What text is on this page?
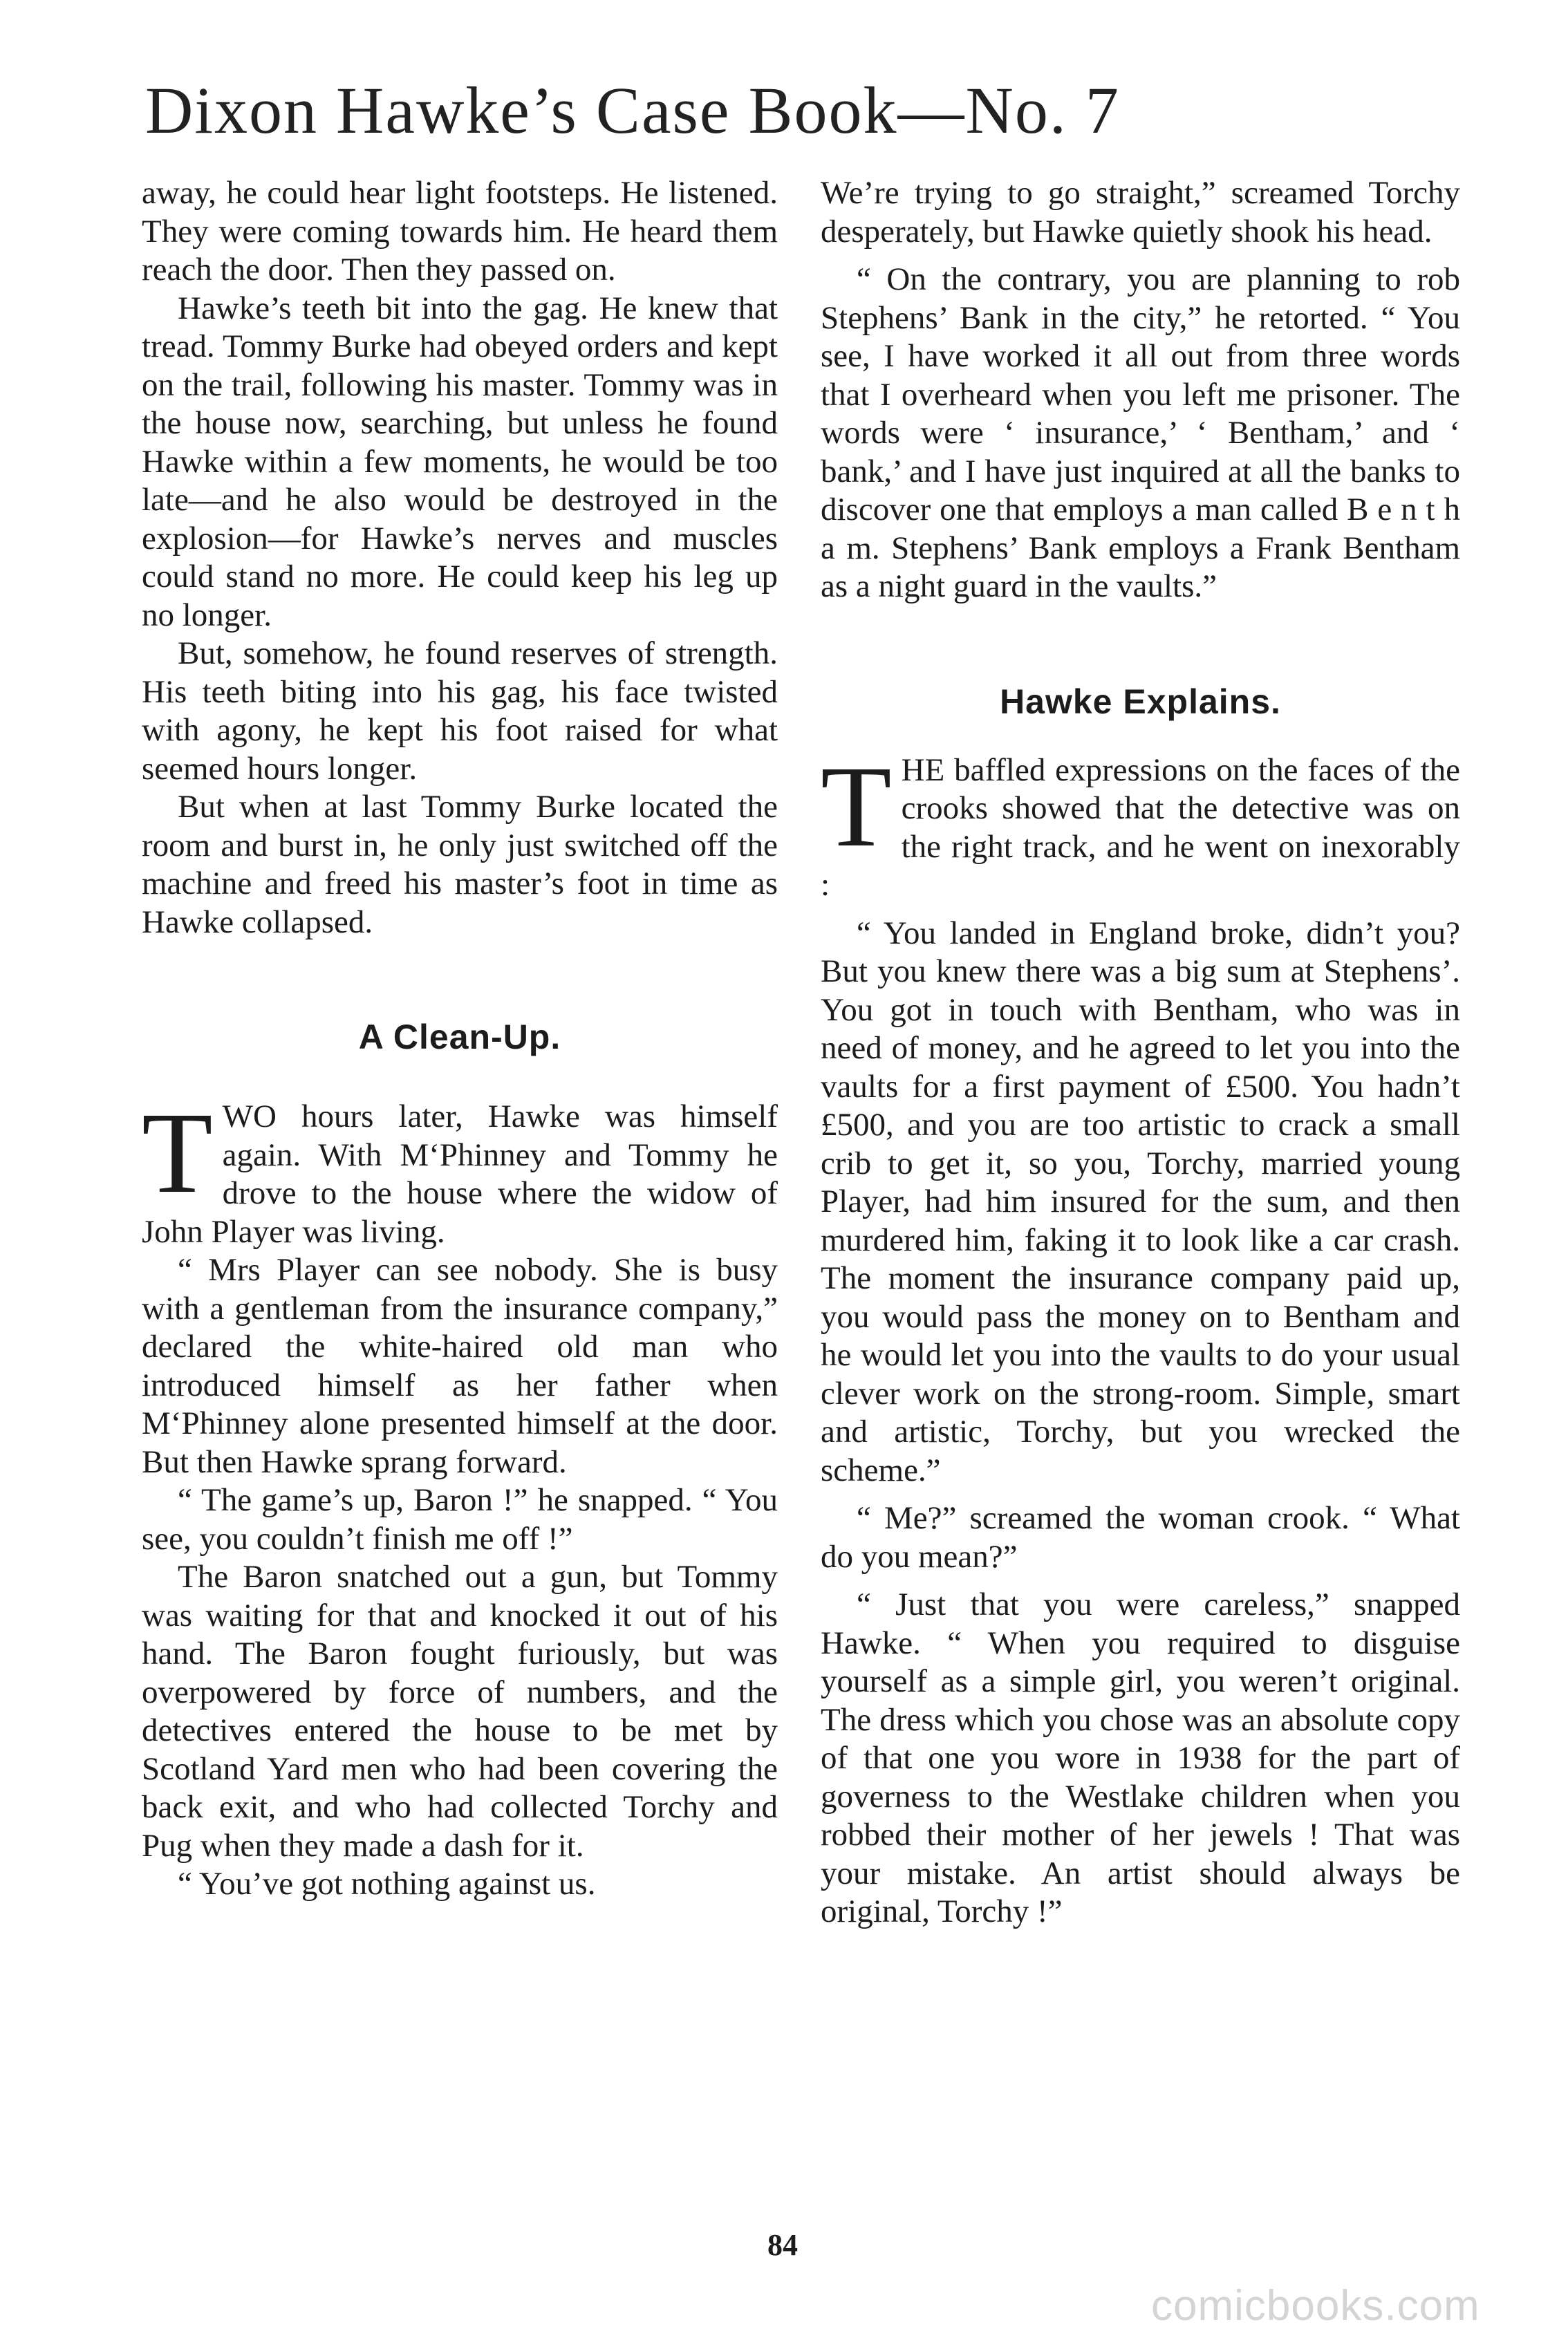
Dixon Hawke’s Case Book—No. 7

away, he could hear light footsteps. He listened. They were coming towards him. He heard them reach the door. Then they passed on.

Hawke’s teeth bit into the gag. He knew that tread. Tommy Burke had obeyed orders and kept on the trail, following his master. Tommy was in the house now, searching, but unless he found Hawke within a few moments, he would be too late—and he also would be destroyed in the explosion—for Hawke’s nerves and muscles could stand no more. He could keep his leg up no longer.

But, somehow, he found reserves of strength. His teeth biting into his gag, his face twisted with agony, he kept his foot raised for what seemed hours longer.

But when at last Tommy Burke located the room and burst in, he only just switched off the machine and freed his master’s foot in time as Hawke collapsed.

A Clean-Up.

TWO hours later, Hawke was himself again. With M‘Phinney and Tommy he drove to the house where the widow of John Player was living.

“ Mrs Player can see nobody. She is busy with a gentleman from the insurance company,” declared the white-haired old man who introduced himself as her father when M‘Phinney alone presented himself at the door. But then Hawke sprang forward.

“ The game’s up, Baron !” he snapped. “ You see, you couldn’t finish me off !”

The Baron snatched out a gun, but Tommy was waiting for that and knocked it out of his hand. The Baron fought furiously, but was overpowered by force of numbers, and the detectives entered the house to be met by Scotland Yard men who had been covering the back exit, and who had collected Torchy and Pug when they made a dash for it.

“ You’ve got nothing against us.

We’re trying to go straight,” screamed Torchy desperately, but Hawke quietly shook his head.

“ On the contrary, you are planning to rob Stephens’ Bank in the city,” he retorted. “ You see, I have worked it all out from three words that I overheard when you left me prisoner. The words were ‘ insurance,’ ‘ Bentham,’ and ‘ bank,’ and I have just inquired at all the banks to discover one that employs a man called B e n t h a m. Stephens’ Bank employs a Frank Bentham as a night guard in the vaults.”

Hawke Explains.

THE baffled expressions on the faces of the crooks showed that the detective was on the right track, and he went on inexorably :

“ You landed in England broke, didn’t you? But you knew there was a big sum at Stephens’. You got in touch with Bentham, who was in need of money, and he agreed to let you into the vaults for a first payment of £500. You hadn’t £500, and you are too artistic to crack a small crib to get it, so you, Torchy, married young Player, had him insured for the sum, and then murdered him, faking it to look like a car crash. The moment the insurance company paid up, you would pass the money on to Bentham and he would let you into the vaults to do your usual clever work on the strong-room. Simple, smart and artistic, Torchy, but you wrecked the scheme.”

“ Me?” screamed the woman crook. “ What do you mean?”

“ Just that you were careless,” snapped Hawke. “ When you required to disguise yourself as a simple girl, you weren’t original. The dress which you chose was an absolute copy of that one you wore in 1938 for the part of governess to the Westlake children when you robbed their mother of her jewels ! That was your mistake. An artist should always be original, Torchy !”

84
comicbooks.com
